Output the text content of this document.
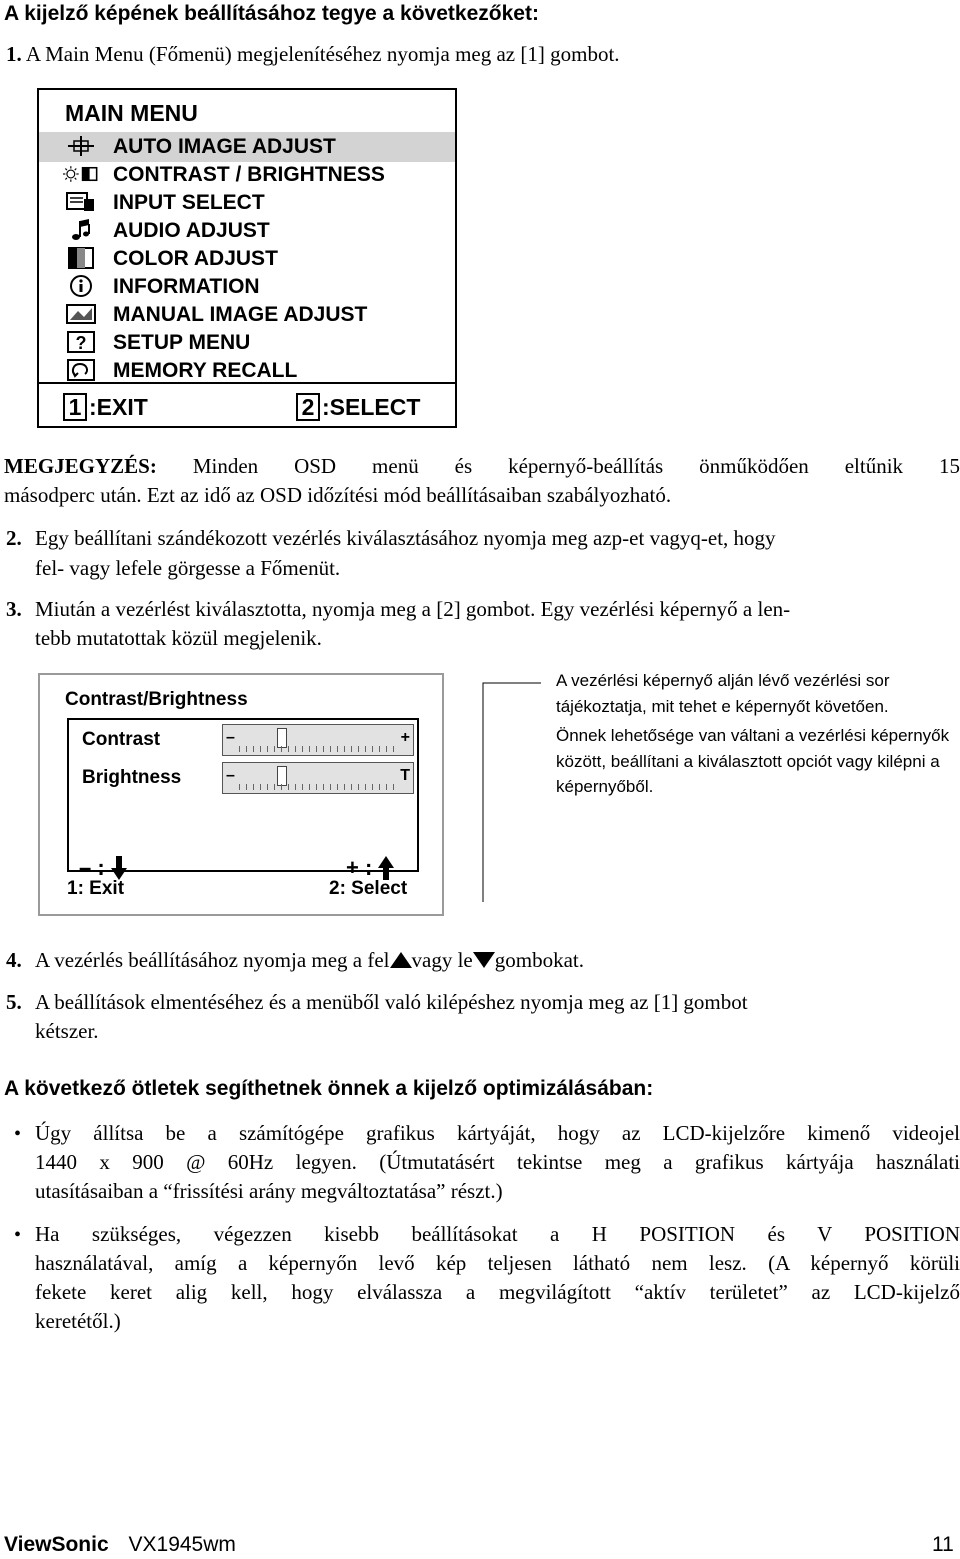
A kijelző képének beállításához tegye a következőket:
1. A Main Menu (Főmenü) megjelenítéséhez nyomja meg az [1] gombot.
MAIN MENU
AUTO IMAGE ADJUST
CONTRAST / BRIGHTNESS
INPUT SELECT
AUDIO ADJUST
COLOR ADJUST
INFORMATION
MANUAL IMAGE ADJUST
? SETUP MENU
MEMORY RECALL
1 :EXIT	2 :SELECT
MEGJEGYZÉS: Minden OSD menü és képernyő-beállítás önműködően eltűnik 15
másodperc után. Ezt az idő az OSD időzítési mód beállításaiban szabályozható.
2. Egy beállítani szándékozott vezérlés kiválasztásához nyomja meg azp-et vagyq-et, hogy
fel- vagy lefele görgesse a Főmenüt.
3. Miután a vezérlést kiválasztotta, nyomja meg a [2] gombot. Egy vezérlési képernyő a len-
tebb mutatottak közül megjelenik.
Contrast/Brightness
Contrast	–	+
Brightness	–	T
– :	+ :
1: Exit	2: Select

A vezérlési képernyő alján lévő vezérlési sor tájékoztatja, mit tehet e képernyőt követően.

Önnek lehetősége van váltani a vezérlési képernyők között, beállítani a kiválasztott opciót vagy kilépni a képernyőből.

4. A vezérlés beállításához nyomja meg a fel vagy le gombokat.
5. A beállítások elmentéséhez és a menüből való kilépéshez nyomja meg az [1] gombot
kétszer.
A következő ötletek segíthetnek önnek a kijelző optimizálásában:
• Úgy állítsa be a számítógépe grafikus kártyáját, hogy az LCD-kijelzőre kimenő videojel
1440 x 900 @ 60Hz legyen. (Útmutatásért tekintse meg a grafikus kártyája használati
utasításaiban a “frissítési arány megváltoztatása” részt.)
• Ha szükséges, végezzen kisebb beállításokat a H POSITION és V POSITION
használatával, amíg a képernyőn levő kép teljesen látható nem lesz. (A képernyő körüli
fekete keret alig kell, hogy elválassza a megvilágított “aktív területet” az LCD-kijelző
keretétől.)
ViewSonic VX1945wm	11
